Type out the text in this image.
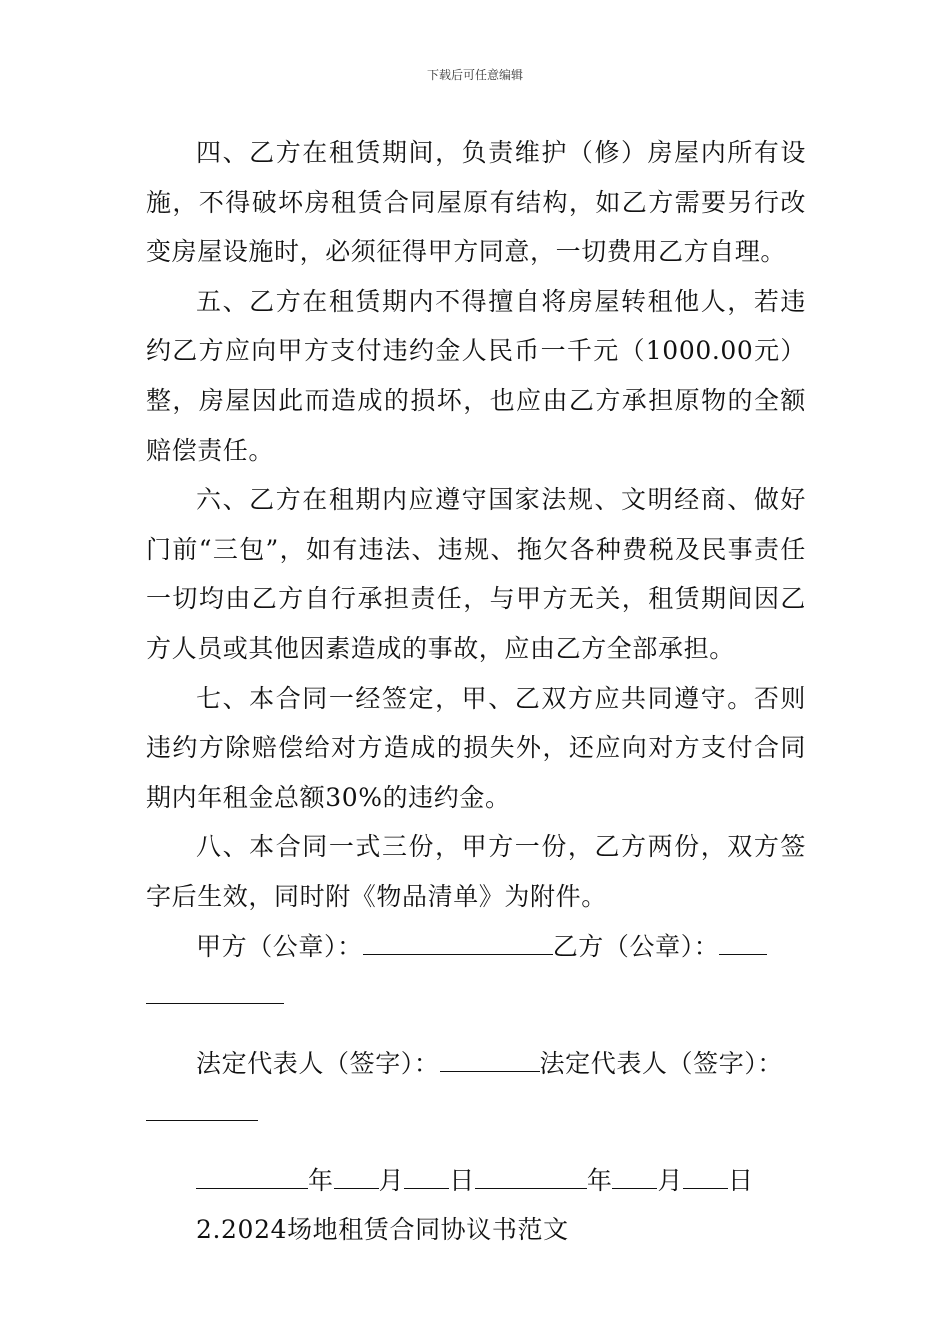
下载后可任意编辑

四、乙方在租赁期间，负责维护（修）房屋内所有设施，不得破坏房租赁合同屋原有结构，如乙方需要另行改变房屋设施时，必须征得甲方同意，一切费用乙方自理。

五、乙方在租赁期内不得擅自将房屋转租他人，若违约乙方应向甲方支付违约金人民币一千元（1000.00元）整，房屋因此而造成的损坏，也应由乙方承担原物的全额赔偿责任。

六、乙方在租期内应遵守国家法规、文明经商、做好门前“三包”，如有违法、违规、拖欠各种费税及民事责任一切均由乙方自行承担责任，与甲方无关，租赁期间因乙方人员或其他因素造成的事故，应由乙方全部承担。

七、本合同一经签定，甲、乙双方应共同遵守。否则违约方除赔偿给对方造成的损失外，还应向对方支付合同期内年租金总额30%的违约金。

八、本合同一式三份，甲方一份，乙方两份，双方签字后生效，同时附《物品清单》为附件。

甲方（公章）：	乙方（公章）：
法定代表人（签字）：	法定代表人（签字）：
年 月 日	年 月 日
2.2024场地租赁合同协议书范文
